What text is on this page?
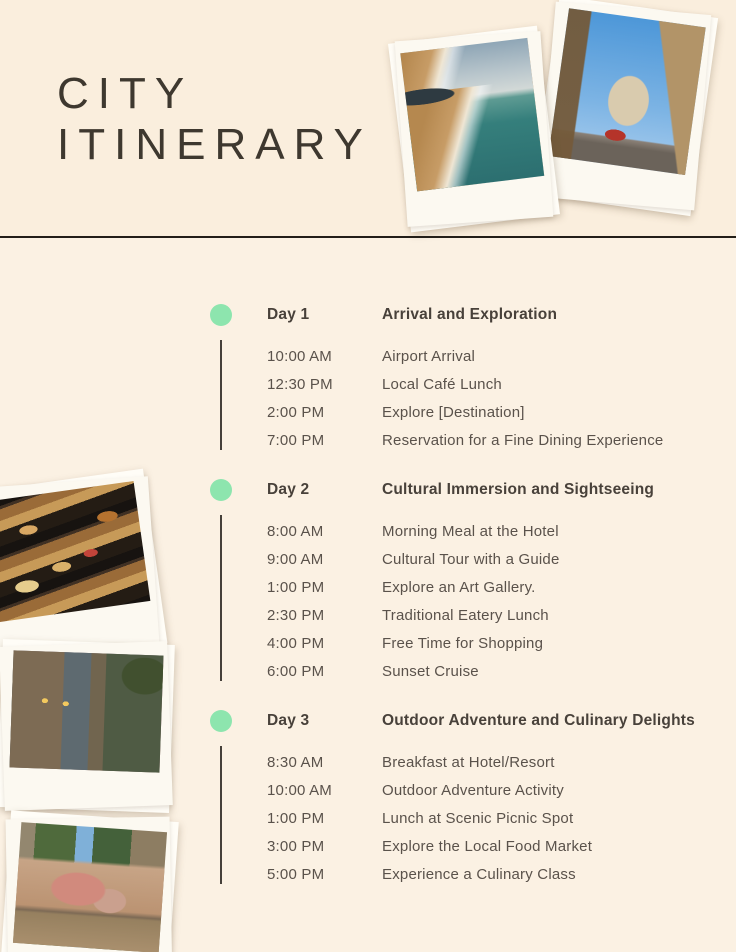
CITY
ITINERARY
Day 1	Arrival and Exploration
10:00 AM	Airport Arrival
12:30 PM	Local Café Lunch
2:00 PM	Explore [Destination]
7:00 PM	Reservation for a Fine Dining Experience
Day 2	Cultural Immersion and Sightseeing
8:00 AM	Morning Meal at the Hotel
9:00 AM	Cultural Tour with a Guide
1:00 PM	Explore an Art Gallery.
2:30 PM	Traditional Eatery Lunch
4:00 PM	Free Time for Shopping
6:00 PM	Sunset Cruise
Day 3	Outdoor Adventure and Culinary Delights
8:30 AM	Breakfast at Hotel/Resort
10:00 AM	Outdoor Adventure Activity
1:00 PM	Lunch at Scenic Picnic Spot
3:00 PM	Explore the Local Food Market
5:00 PM	Experience a Culinary Class
